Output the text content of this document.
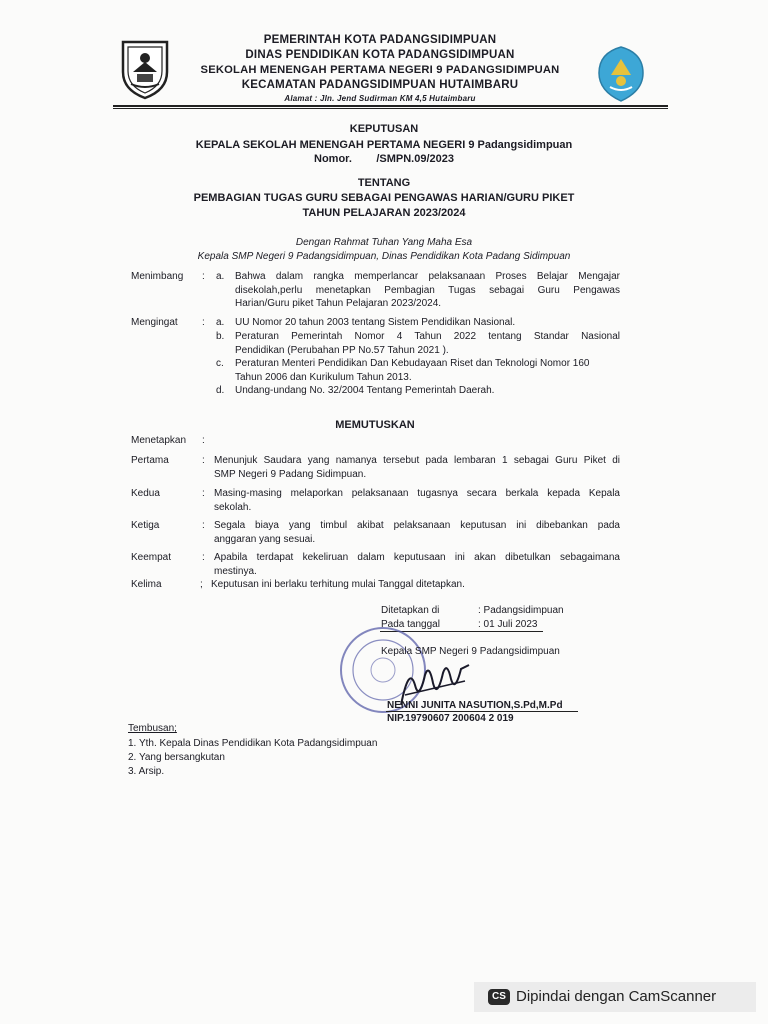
PEMERINTAH KOTA PADANGSIDIMPUAN
DINAS PENDIDIKAN KOTA PADANGSIDIMPUAN
SEKOLAH MENENGAH PERTAMA NEGERI 9 PADANGSIDIMPUAN
KECAMATAN PADANGSIDIMPUAN HUTAIMBARU
Alamat : Jln. Jend Sudirman KM 4,5 Hutaimbaru
KEPUTUSAN
KEPALA SEKOLAH MENENGAH PERTAMA NEGERI 9 Padangsidimpuan
Nomor.        /SMPN.09/2023
TENTANG
PEMBAGIAN TUGAS GURU SEBAGAI PENGAWAS HARIAN/GURU PIKET
TAHUN PELAJARAN 2023/2024
Dengan Rahmat Tuhan Yang Maha Esa
Kepala SMP Negeri 9 Padangsidimpuan, Dinas Pendidikan Kota Padang Sidimpuan
Menimbang : a. Bahwa dalam rangka memperlancar pelaksanaan Proses Belajar Mengajar
disekolah,perlu menetapkan Pembagian Tugas sebagai Guru Pengawas
Harian/Guru piket Tahun Pelajaran 2023/2024.
Mengingat : a. UU Nomor 20 tahun 2003 tentang Sistem Pendidikan Nasional.
b. Peraturan Pemerintah Nomor 4 Tahun 2022 tentang Standar Nasional
Pendidikan (Perubahan PP No.57 Tahun 2021 ).
c. Peraturan Menteri Pendidikan Dan Kebudayaan Riset dan Teknologi Nomor 160
Tahun 2006 dan Kurikulum Tahun 2013.
d. Undang-undang No. 32/2004 Tentang Pemerintah Daerah.
MEMUTUSKAN
Menetapkan :
Pertama	: Menunjuk Saudara yang namanya tersebut pada lembaran 1 sebagai Guru Piket di
SMP Negeri 9 Padang Sidimpuan.
Kedua	: Masing-masing melaporkan pelaksanaan tugasnya secara berkala kepada Kepala
sekolah.
Ketiga	: Segala biaya yang timbul akibat pelaksanaan keputusan ini dibebankan pada
anggaran yang sesuai.
Keempat	: Apabila terdapat kekeliruan dalam keputusaan ini akan dibetulkan sebagaimana
mestinya.
Kelima	; Keputusan ini berlaku terhitung mulai Tanggal ditetapkan.
Ditetapkan di	: Padangsidimpuan
Pada tanggal	: 01 Juli 2023
Kepala SMP Negeri 9 Padangsidimpuan
NENNI JUNITA NASUTION,S.Pd,M.Pd
NIP.19790607 200604 2 019
Tembusan;
1. Yth. Kepala Dinas Pendidikan Kota Padangsidimpuan
2. Yang bersangkutan
3. Arsip.
CS Dipindai dengan CamScanner
